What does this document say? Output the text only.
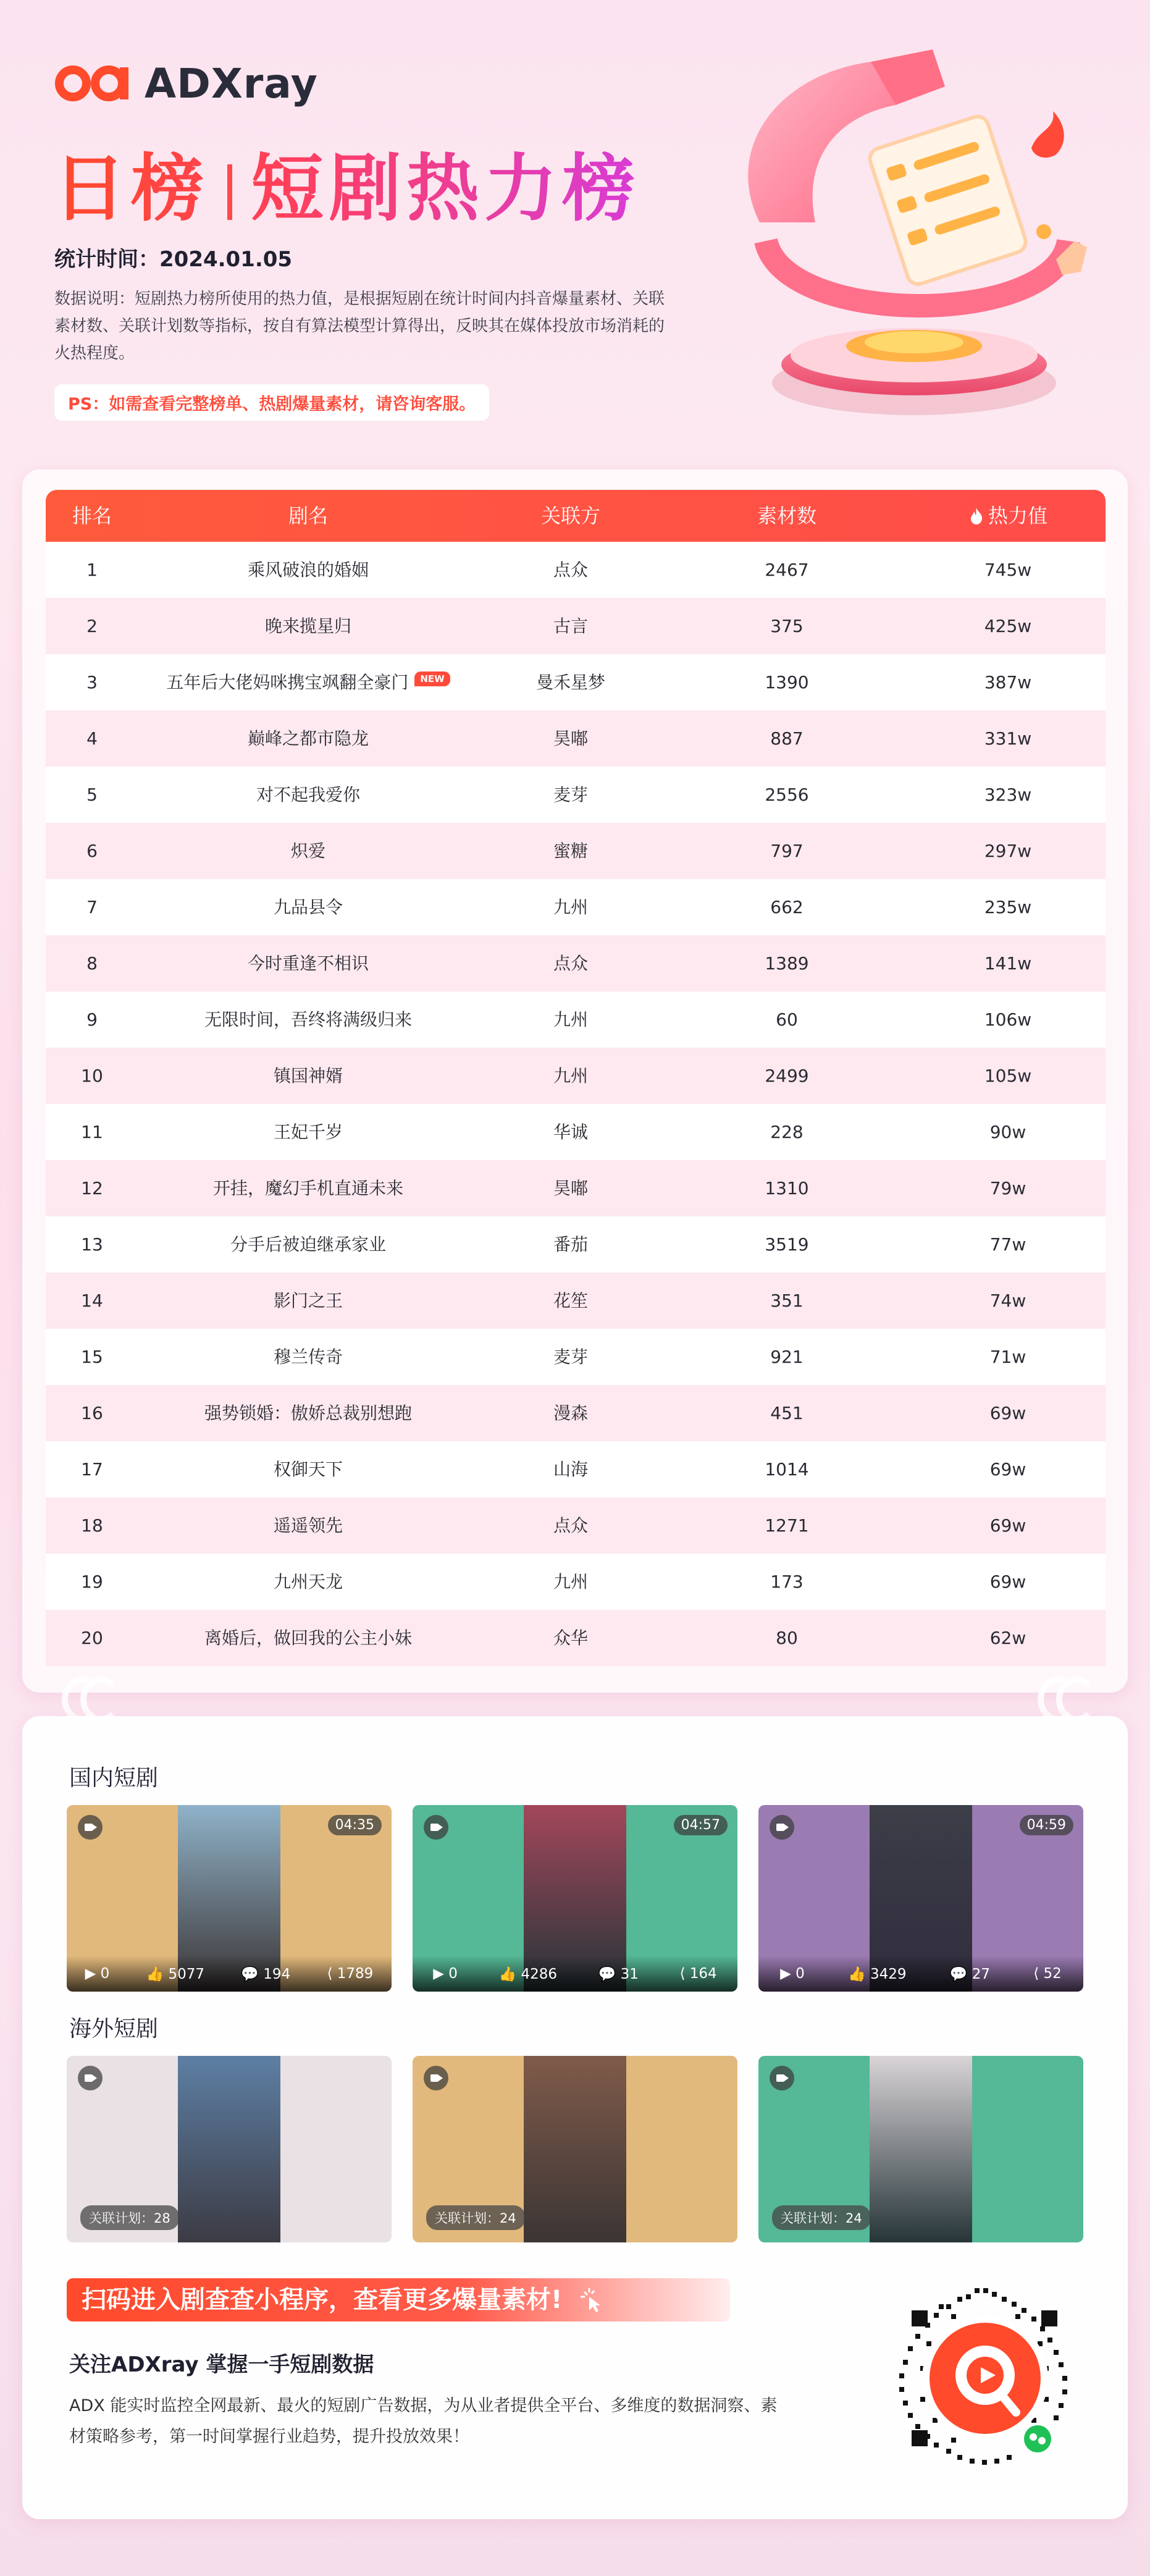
ADXray
日榜 短剧热力榜
统计时间：2024.01.05
数据说明：短剧热力榜所使用的热力值，是根据短剧在统计时间内抖音爆量素材、关联素材数、关联计划数等指标，按自有算法模型计算得出，反映其在媒体投放市场消耗的火热程度。
PS：如需查看完整榜单、热剧爆量素材，请咨询客服。
排名	剧名	关联方	素材数	热力值
1	乘风破浪的婚姻	点众	2467	745w
2	晚来揽星归	古言	375	425w
3	五年后大佬妈咪携宝飒翻全豪门 NEW	曼禾星梦	1390	387w
4	巅峰之都市隐龙	昊嘟	887	331w
5	对不起我爱你	麦芽	2556	323w
6	炽爱	蜜糖	797	297w
7	九品县令	九州	662	235w
8	今时重逢不相识	点众	1389	141w
9	无限时间，吾终将满级归来	九州	60	106w
10	镇国神婿	九州	2499	105w
11	王妃千岁	华诚	228	90w
12	开挂，魔幻手机直通未来	昊嘟	1310	79w
13	分手后被迫继承家业	番茄	3519	77w
14	影门之王	花笙	351	74w
15	穆兰传奇	麦芽	921	71w
16	强势锁婚：傲娇总裁别想跑	漫森	451	69w
17	权御天下	山海	1014	69w
18	遥遥领先	点众	1271	69w
19	九州天龙	九州	173	69w
20	离婚后，做回我的公主小妹	众华	80	62w
国内短剧
04:35
▶ 0	👍 5077	💬 194	⟨ 1789
04:57
▶ 0	👍 4286	💬 31	⟨ 164
04:59
▶ 0	👍 3429	💬 27	⟨ 52
海外短剧
关联计划：28	关联计划：24	关联计划：24
扫码进入剧查查小程序，查看更多爆量素材!
关注ADXray 掌握一手短剧数据
ADX 能实时监控全网最新、最火的短剧广告数据，为从业者提供全平台、多维度的数据洞察、素材策略参考，第一时间掌握行业趋势，提升投放效果！
